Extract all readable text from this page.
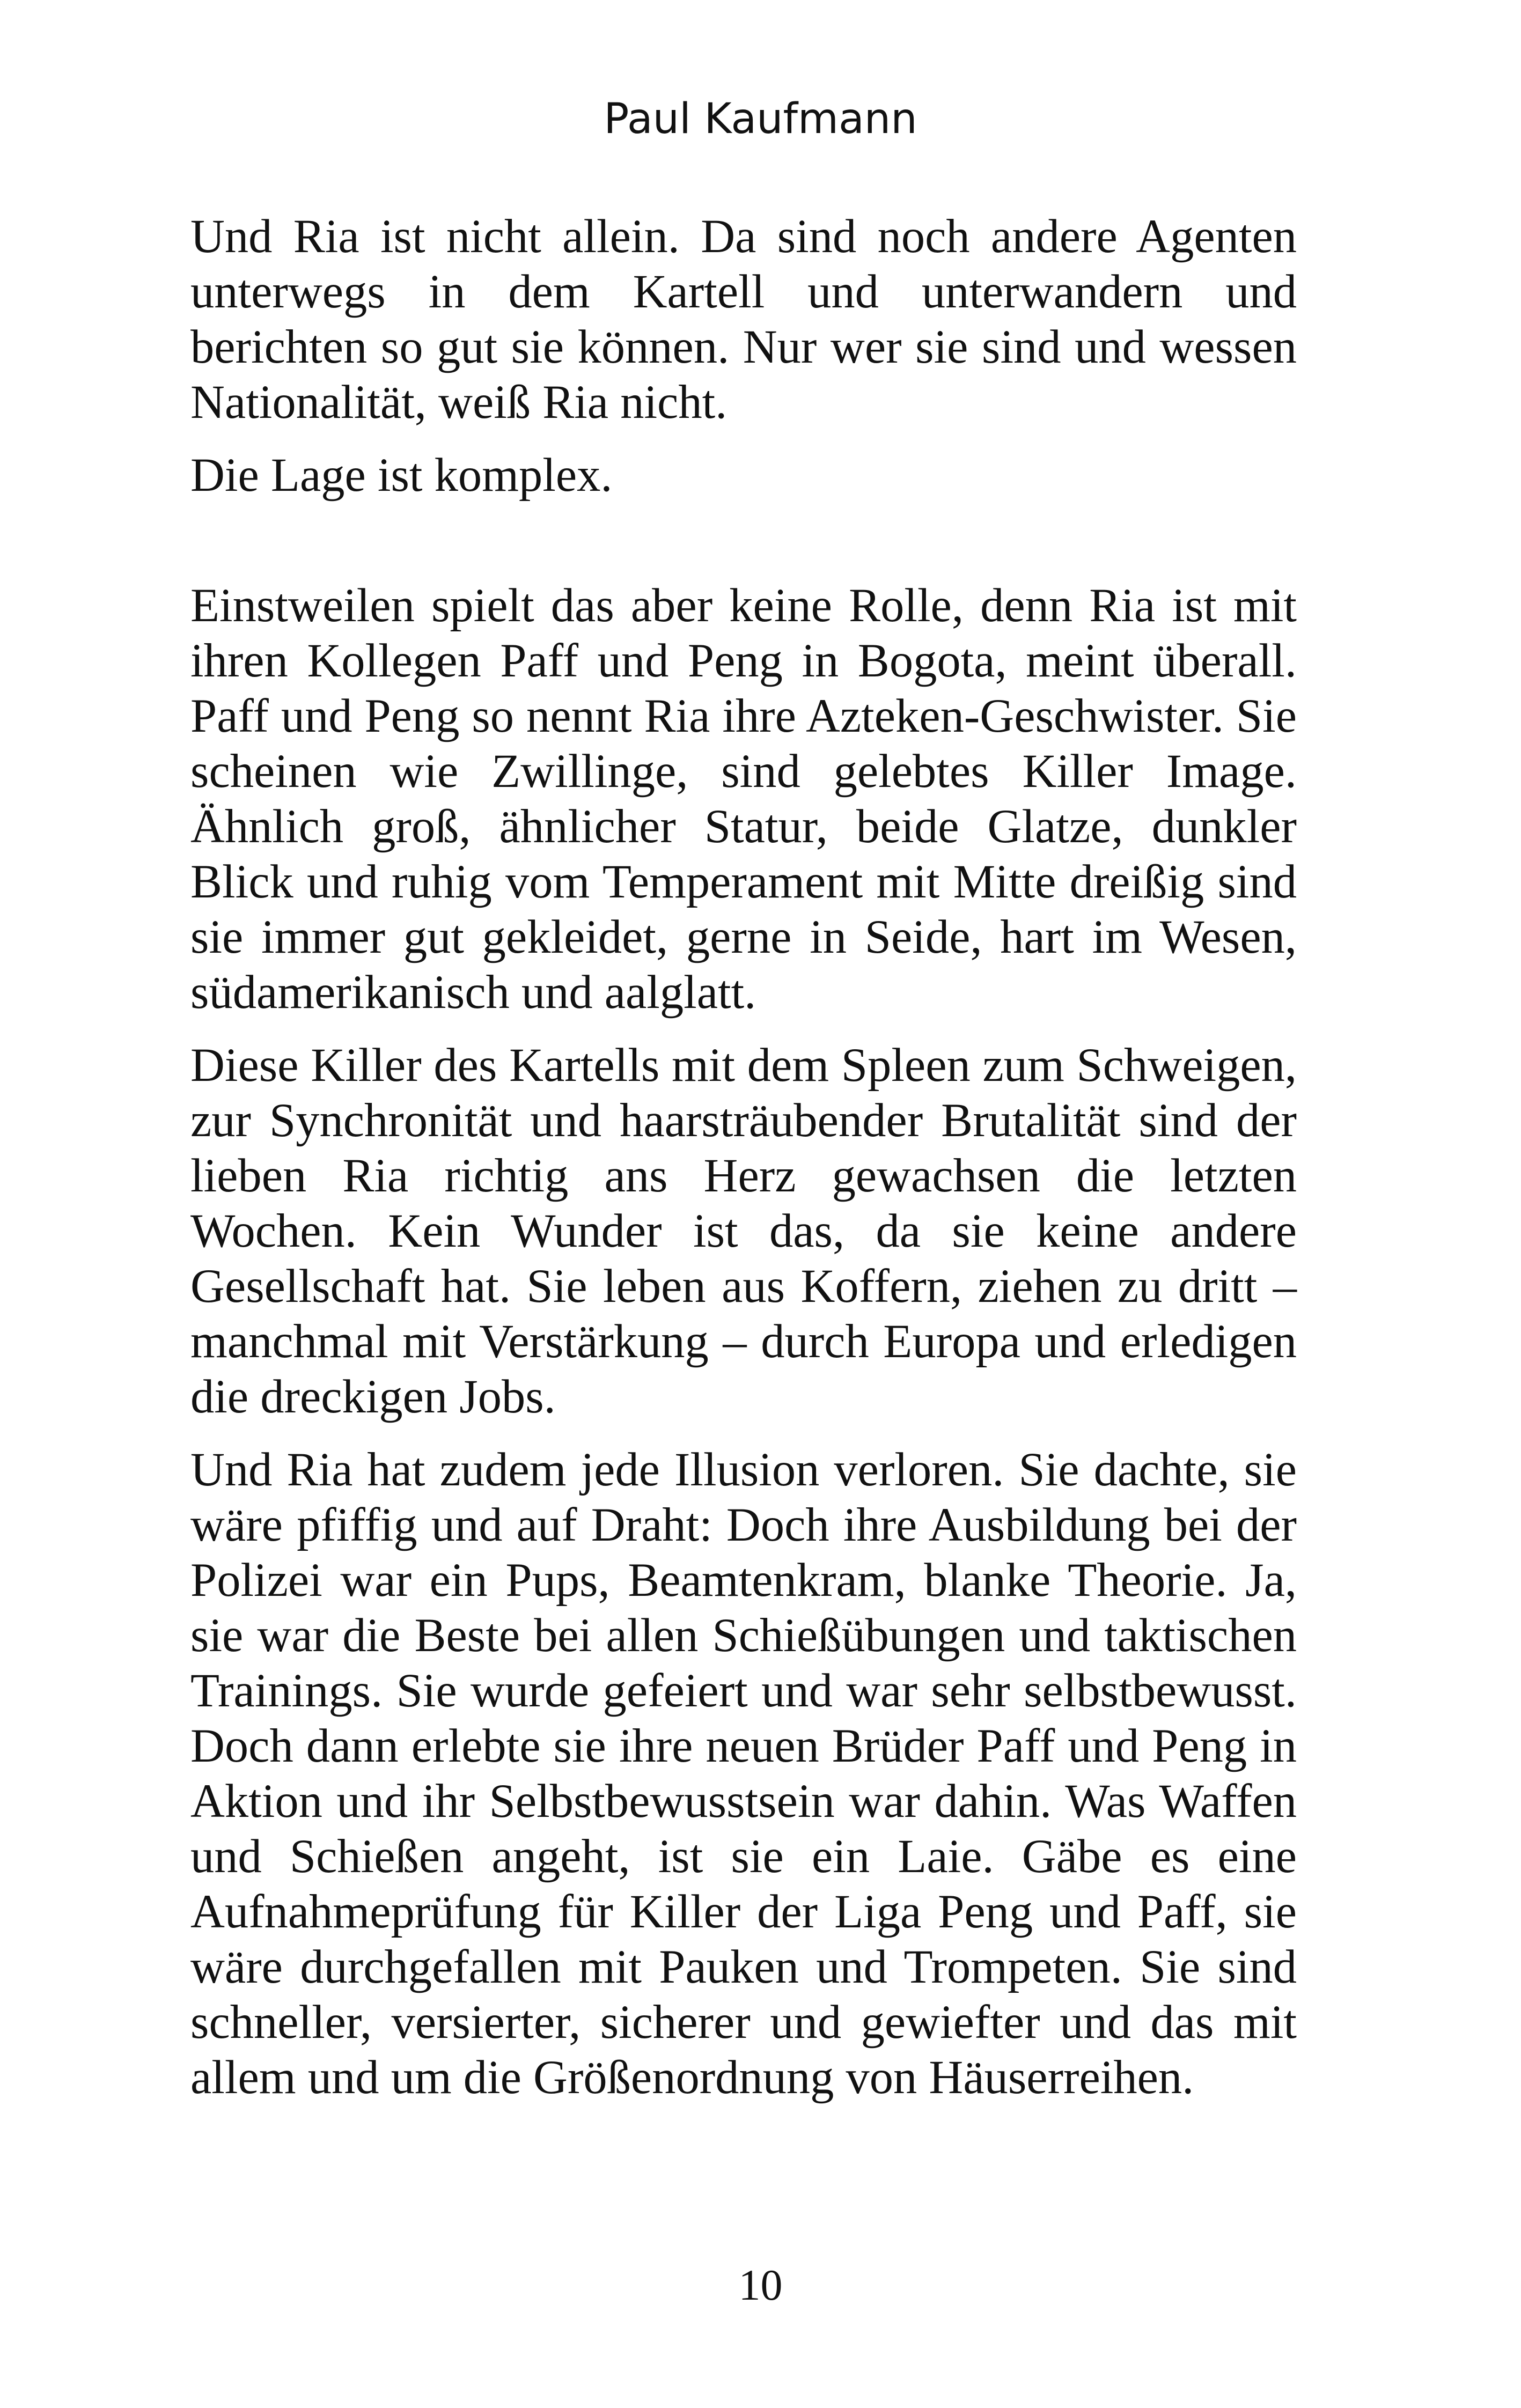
Paul Kaufmann

Und Ria ist nicht allein. Da sind noch andere Agenten unterwegs in dem Kartell und unterwandern und berichten so gut sie können. Nur wer sie sind und wessen Nationalität, weiß Ria nicht.

Die Lage ist komplex.

Einstweilen spielt das aber keine Rolle, denn Ria ist mit ihren Kollegen Paff und Peng in Bogota, meint überall. Paff und Peng so nennt Ria ihre Azteken-Geschwister. Sie scheinen wie Zwillinge, sind gelebtes Killer Image. Ähnlich groß, ähnlicher Statur, beide Glatze, dunkler Blick und ruhig vom Temperament mit Mitte dreißig sind sie immer gut gekleidet, gerne in Seide, hart im Wesen, südamerikanisch und aalglatt.

Diese Killer des Kartells mit dem Spleen zum Schweigen, zur Synchronität und haarsträubender Brutalität sind der lieben Ria richtig ans Herz gewachsen die letzten Wochen. Kein Wunder ist das, da sie keine andere Gesellschaft hat. Sie leben aus Koffern, ziehen zu dritt – manchmal mit Verstärkung – durch Europa und erledigen die dreckigen Jobs.

Und Ria hat zudem jede Illusion verloren. Sie dachte, sie wäre pfiffig und auf Draht: Doch ihre Ausbildung bei der Polizei war ein Pups, Beamtenkram, blanke Theorie. Ja, sie war die Beste bei allen Schießübungen und taktischen Trainings. Sie wurde gefeiert und war sehr selbstbewusst. Doch dann erlebte sie ihre neuen Brüder Paff und Peng in Aktion und ihr Selbstbewusstsein war dahin. Was Waffen und Schießen angeht, ist sie ein Laie. Gäbe es eine Aufnahmeprüfung für Killer der Liga Peng und Paff, sie wäre durchgefallen mit Pauken und Trompeten. Sie sind schneller, versierter, sicherer und gewiefter und das mit allem und um die Größenordnung von Häuserreihen.

10
